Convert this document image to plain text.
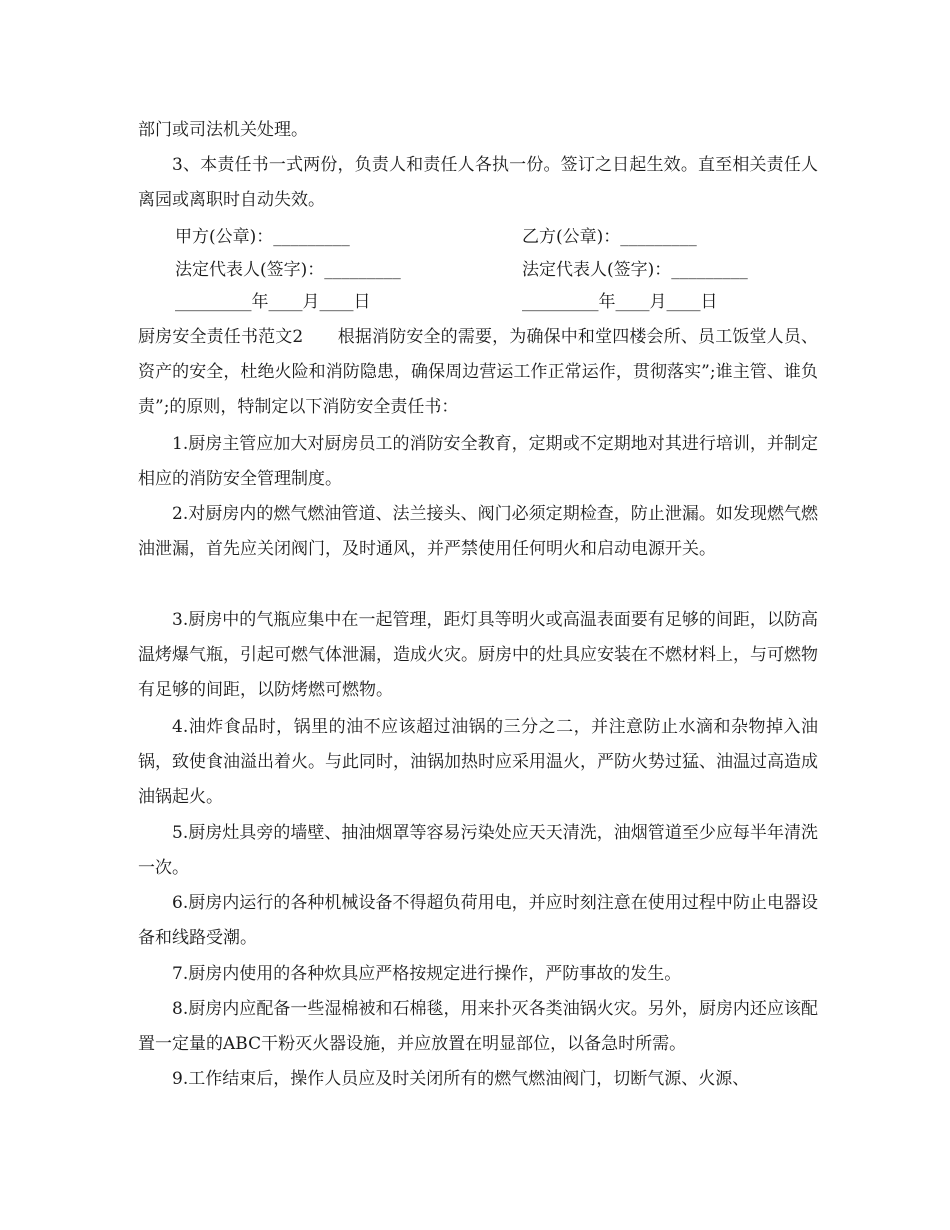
部门或司法机关处理。
3、本责任书一式两份，负责人和责任人各执一份。签订之日起生效。直至相关责任人离园或离职时自动失效。
甲方(公章)：_________	乙方(公章)：_________
法定代表人(签字)：_________	法定代表人(签字)：_________
_________年____月____日	_________年____月____日
厨房安全责任书范文2　　根据消防安全的需要，为确保中和堂四楼会所、员工饭堂人员、资产的安全，杜绝火险和消防隐患，确保周边营运工作正常运作，贯彻落实”;谁主管、谁负责”;的原则，特制定以下消防安全责任书：
1.厨房主管应加大对厨房员工的消防安全教育，定期或不定期地对其进行培训，并制定相应的消防安全管理制度。
2.对厨房内的燃气燃油管道、法兰接头、阀门必须定期检查，防止泄漏。如发现燃气燃油泄漏，首先应关闭阀门，及时通风，并严禁使用任何明火和启动电源开关。
3.厨房中的气瓶应集中在一起管理，距灯具等明火或高温表面要有足够的间距，以防高温烤爆气瓶，引起可燃气体泄漏，造成火灾。厨房中的灶具应安装在不燃材料上，与可燃物有足够的间距，以防烤燃可燃物。
4.油炸食品时，锅里的油不应该超过油锅的三分之二，并注意防止水滴和杂物掉入油锅，致使食油溢出着火。与此同时，油锅加热时应采用温火，严防火势过猛、油温过高造成油锅起火。
5.厨房灶具旁的墙壁、抽油烟罩等容易污染处应天天清洗，油烟管道至少应每半年清洗一次。
6.厨房内运行的各种机械设备不得超负荷用电，并应时刻注意在使用过程中防止电器设备和线路受潮。
7.厨房内使用的各种炊具应严格按规定进行操作，严防事故的发生。
8.厨房内应配备一些湿棉被和石棉毯，用来扑灭各类油锅火灾。另外，厨房内还应该配置一定量的ABC干粉灭火器设施，并应放置在明显部位，以备急时所需。
9.工作结束后，操作人员应及时关闭所有的燃气燃油阀门，切断气源、火源、
